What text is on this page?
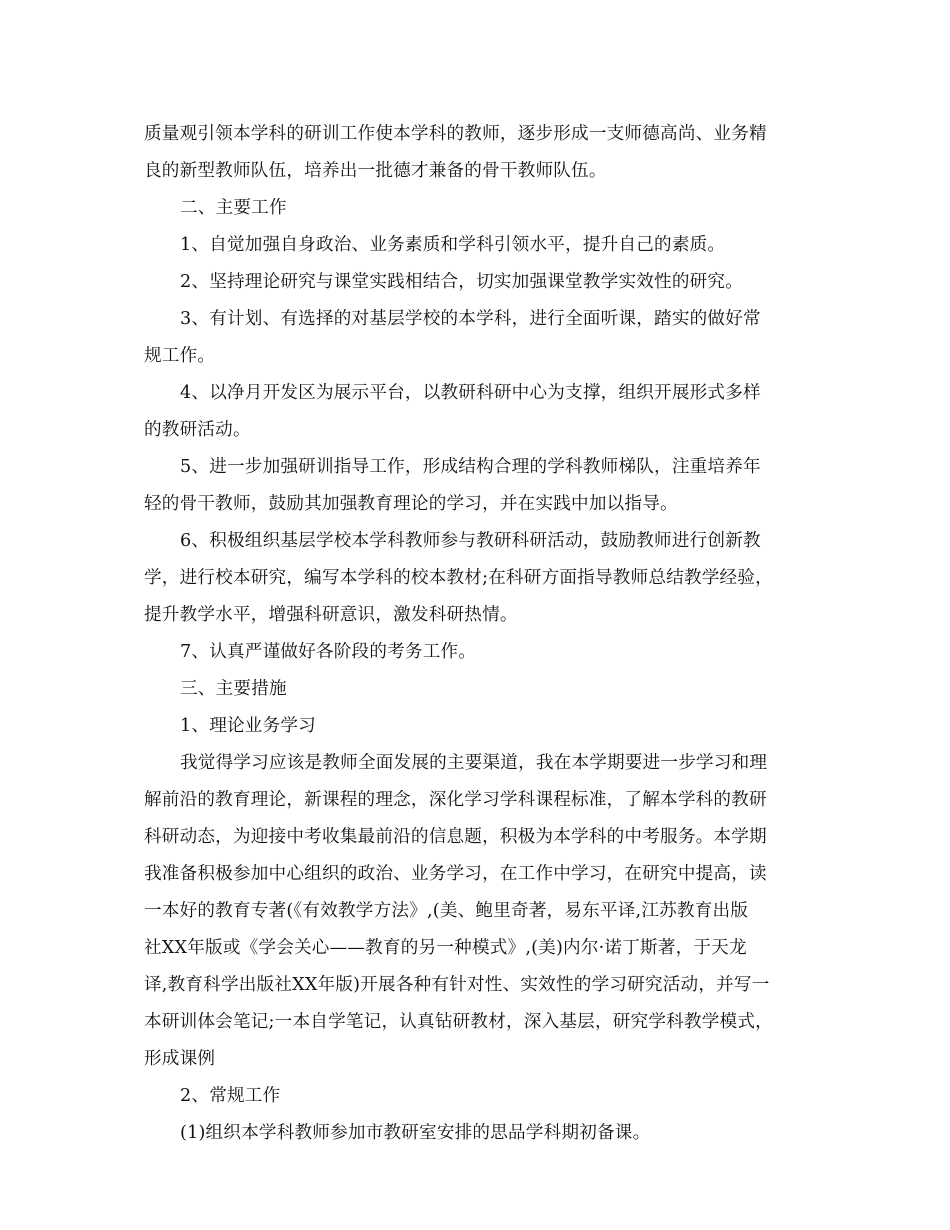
质量观引领本学科的研训工作使本学科的教师，逐步形成一支师德高尚、业务精
良的新型教师队伍，培养出一批德才兼备的骨干教师队伍。
二、主要工作
1、自觉加强自身政治、业务素质和学科引领水平，提升自己的素质。
2、坚持理论研究与课堂实践相结合，切实加强课堂教学实效性的研究。
3、有计划、有选择的对基层学校的本学科，进行全面听课，踏实的做好常
规工作。
4、以净月开发区为展示平台，以教研科研中心为支撑，组织开展形式多样
的教研活动。
5、进一步加强研训指导工作，形成结构合理的学科教师梯队，注重培养年
轻的骨干教师，鼓励其加强教育理论的学习，并在实践中加以指导。
6、积极组织基层学校本学科教师参与教研科研活动，鼓励教师进行创新教
学，进行校本研究，编写本学科的校本教材;在科研方面指导教师总结教学经验，
提升教学水平，增强科研意识，激发科研热情。
7、认真严谨做好各阶段的考务工作。
三、主要措施
1、理论业务学习
我觉得学习应该是教师全面发展的主要渠道，我在本学期要进一步学习和理
解前沿的教育理论，新课程的理念，深化学习学科课程标准，了解本学科的教研
科研动态，为迎接中考收集最前沿的信息题，积极为本学科的中考服务。本学期
我准备积极参加中心组织的政治、业务学习，在工作中学习，在研究中提高，读
一本好的教育专著(《有效教学方法》,(美、鲍里奇著，易东平译,江苏教育出版
社XX年版或《学会关心——教育的另一种模式》,(美)内尔·诺丁斯著，于天龙
译,教育科学出版社XX年版)开展各种有针对性、实效性的学习研究活动，并写一
本研训体会笔记;一本自学笔记，认真钻研教材，深入基层，研究学科教学模式，
形成课例
2、常规工作
(1)组织本学科教师参加市教研室安排的思品学科期初备课。
